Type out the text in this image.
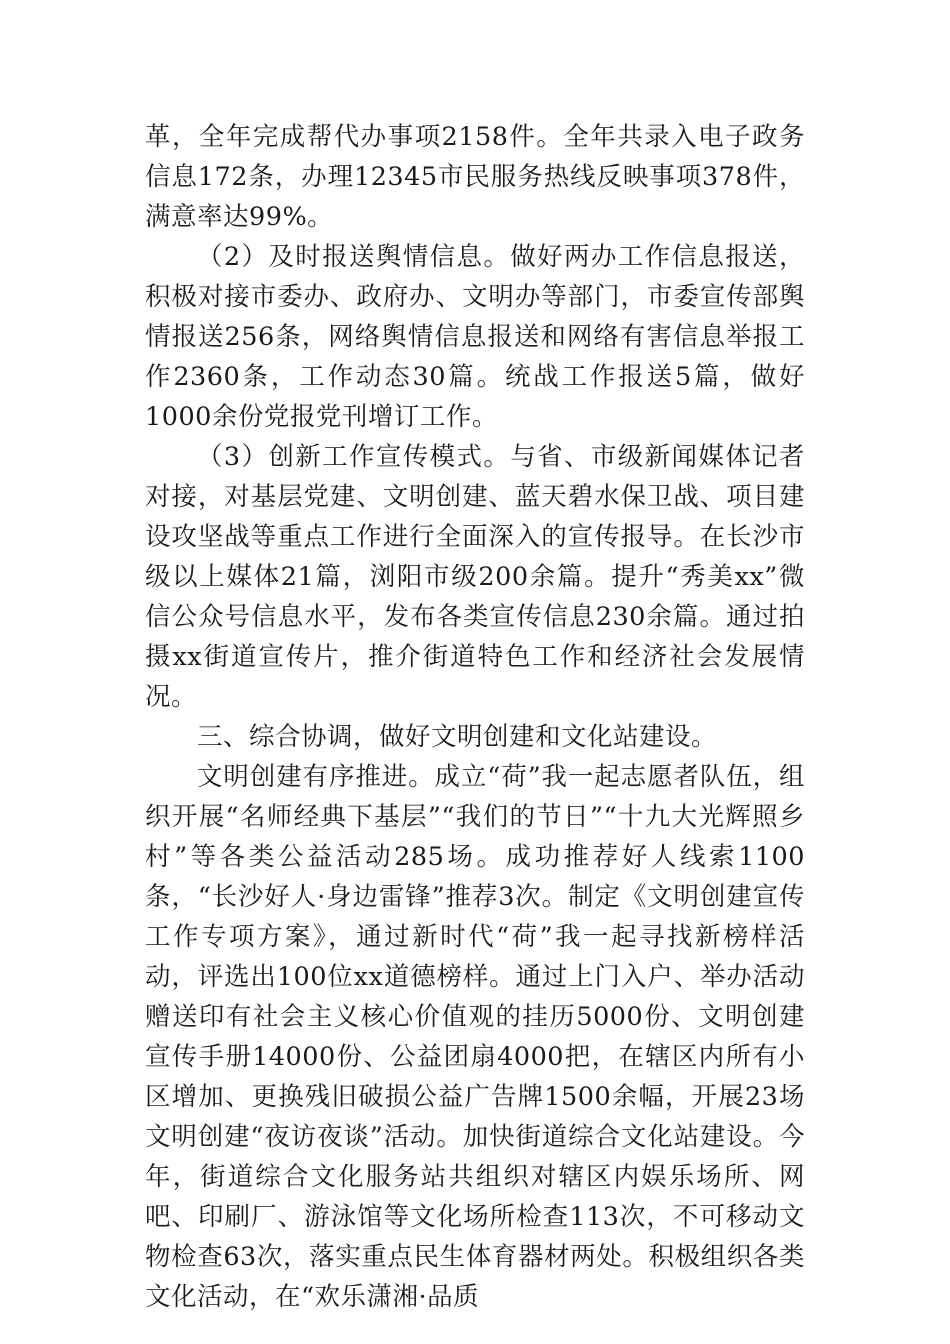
革，全年完成帮代办事项2158件。全年共录入电子政务信息172条，办理12345市民服务热线反映事项378件，满意率达99%。

（2）及时报送舆情信息。做好两办工作信息报送，积极对接市委办、政府办、文明办等部门，市委宣传部舆情报送256条，网络舆情信息报送和网络有害信息举报工作2360条，工作动态30篇。统战工作报送5篇，做好1000余份党报党刊增订工作。

（3）创新工作宣传模式。与省、市级新闻媒体记者对接，对基层党建、文明创建、蓝天碧水保卫战、项目建设攻坚战等重点工作进行全面深入的宣传报导。在长沙市级以上媒体21篇，浏阳市级200余篇。提升“秀美xx”微信公众号信息水平，发布各类宣传信息230余篇。通过拍摄xx街道宣传片，推介街道特色工作和经济社会发展情况。

三、综合协调，做好文明创建和文化站建设。

文明创建有序推进。成立“荷”我一起志愿者队伍，组织开展“名师经典下基层”“我们的节日”“十九大光辉照乡村”等各类公益活动285场。成功推荐好人线索1100条，“长沙好人·身边雷锋”推荐3次。制定《文明创建宣传工作专项方案》，通过新时代“荷”我一起寻找新榜样活动，评选出100位xx道德榜样。通过上门入户、举办活动赠送印有社会主义核心价值观的挂历5000份、文明创建宣传手册14000份、公益团扇4000把，在辖区内所有小区增加、更换残旧破损公益广告牌1500余幅，开展23场文明创建“夜访夜谈”活动。加快街道综合文化站建设。今年，街道综合文化服务站共组织对辖区内娱乐场所、网吧、印刷厂、游泳馆等文化场所检查113次，不可移动文物检查63次，落实重点民生体育器材两处。积极组织各类文化活动，在“欢乐潇湘·品质
